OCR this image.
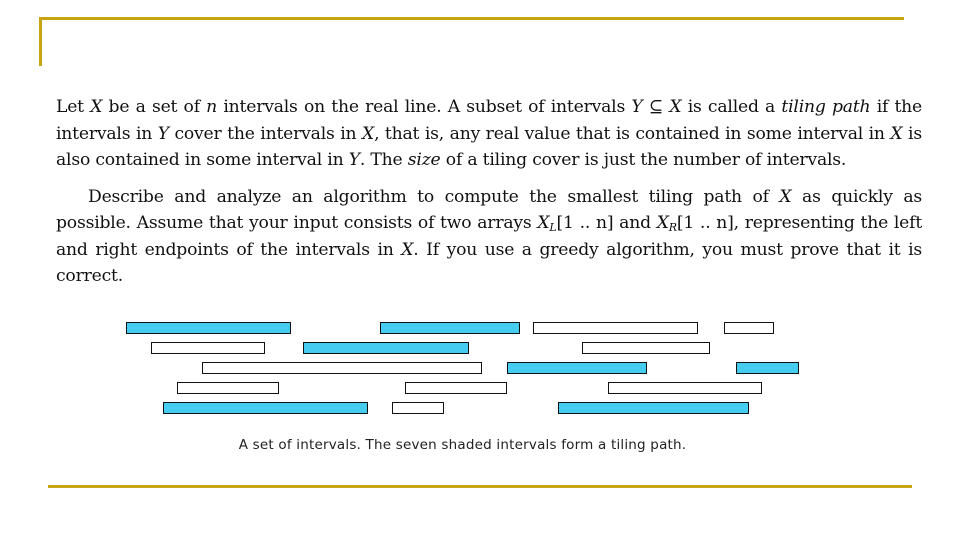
Let X be a set of n intervals on the real line. A subset of intervals Y ⊆ X is called a tiling path if the intervals in Y cover the intervals in X, that is, any real value that is contained in some interval in X is also contained in some interval in Y. The size of a tiling cover is just the number of intervals.

Describe and analyze an algorithm to compute the smallest tiling path of X as quickly as possible. Assume that your input consists of two arrays $X_L[1$ .. n] and $X_R[1$ .. n], representing the left and right endpoints of the intervals in X. If you use a greedy algorithm, you must prove that it is correct.

A set of intervals. The seven shaded intervals form a tiling path.
